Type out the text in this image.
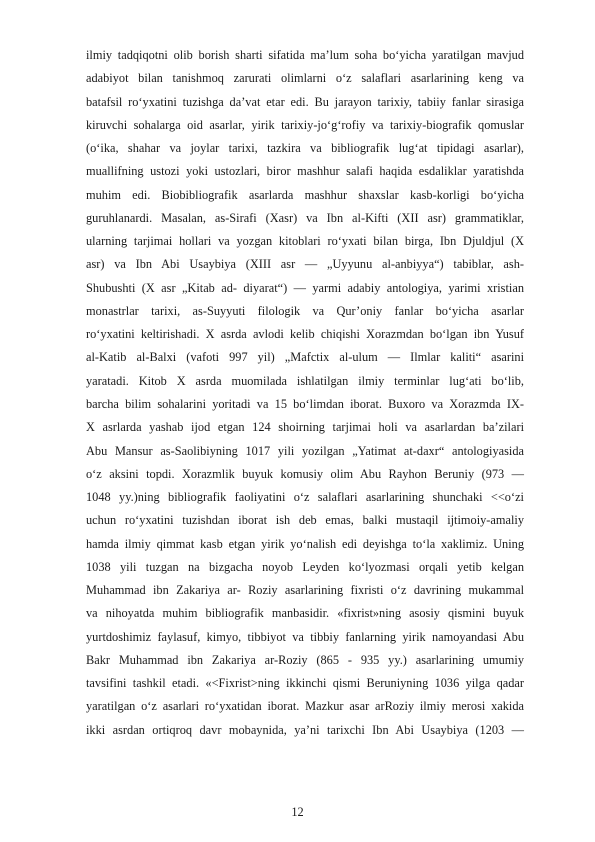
ilmiy tadqiqotni olib borish sharti sifatida ma’lum soha bo‘yicha yaratilgan mavjud
adabiyot bilan tanishmoq zarurati olimlarni o‘z salaflari asarlarining keng va
batafsil ro‘yxatini tuzishga da’vat etar edi. Bu jarayon tarixiy, tabiiy fanlar sirasiga
kiruvchi sohalarga oid asarlar, yirik tarixiy-jo‘g‘rofiy va tarixiy-biografik qomuslar
(o‘ika, shahar va joylar tarixi, tazkira va bibliografik lug‘at tipidagi asarlar),
muallifning ustozi yoki ustozlari, biror mashhur salafi haqida esdaliklar yaratishda
muhim edi. Biobibliografik asarlarda mashhur shaxslar kasb-korligi bo‘yicha
guruhlanardi. Masalan, as-Sirafi (Xasr) va Ibn al-Kifti (XII asr) grammatiklar,
ularning tarjimai hollari va yozgan kitoblari ro‘yxati bilan birga, Ibn Djuldjul (X
asr) va Ibn Abi Usaybiya (XIII asr — „Uyyunu al-anbiyya“) tabiblar, ash-
Shubushti (X asr „Kitab ad- diyarat“) — yarmi adabiy antologiya, yarimi xristian
monastrlar tarixi, as-Suyyuti filologik va Qur’oniy fanlar bo‘yicha asarlar
ro‘yxatini keltirishadi. X asrda avlodi kelib chiqishi Xorazmdan bo‘lgan ibn Yusuf
al-Katib al-Balxi (vafoti 997 yil) „Mafctix al-ulum — Ilmlar kaliti“ asarini
yaratadi. Kitob X asrda muomilada ishlatilgan ilmiy terminlar lug‘ati bo‘lib,
barcha bilim sohalarini yoritadi va 15 bo‘limdan iborat. Buxoro va Xorazmda IX-
X asrlarda yashab ijod etgan 124 shoirning tarjimai holi va asarlardan ba’zilari
Abu Mansur as-Saolibiyning 1017 yili yozilgan „Yatimat at-daxr“ antologiyasida
o‘z aksini topdi. Xorazmlik buyuk komusiy olim Abu Rayhon Beruniy (973 —
1048 yy.)ning bibliografik faoliyatini o‘z salaflari asarlarining shunchaki <<o‘zi
uchun ro‘yxatini tuzishdan iborat ish deb emas, balki mustaqil ijtimoiy-amaliy
hamda ilmiy qimmat kasb etgan yirik yo‘nalish edi deyishga to‘la xaklimiz. Uning
1038 yili tuzgan na bizgacha noyob Leyden ko‘lyozmasi orqali yetib kelgan
Muhammad ibn Zakariya ar- Roziy asarlarining fixristi o‘z davrining mukammal
va nihoyatda muhim bibliografik manbasidir. «fixrist»ning asosiy qismini buyuk
yurtdoshimiz faylasuf, kimyo, tibbiyot va tibbiy fanlarning yirik namoyandasi Abu
Bakr Muhammad ibn Zakariya ar-Roziy (865 - 935 yy.) asarlarining umumiy
tavsifini tashkil etadi. «<Fixrist>ning ikkinchi qismi Beruniyning 1036 yilga qadar
yaratilgan o‘z asarlari ro‘yxatidan iborat. Mazkur asar arRoziy ilmiy merosi xakida
ikki asrdan ortiqroq davr mobaynida, ya’ni tarixchi Ibn Abi Usaybiya (1203 —
12
